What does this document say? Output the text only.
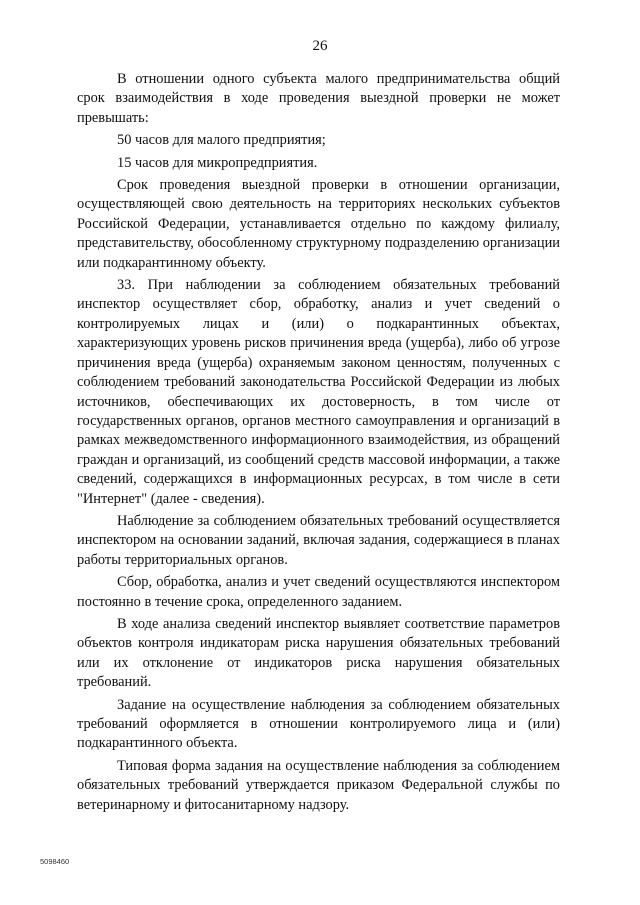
26

В отношении одного субъекта малого предпринимательства общий срок взаимодействия в ходе проведения выездной проверки не может превышать:

50 часов для малого предприятия;

15 часов для микропредприятия.

Срок проведения выездной проверки в отношении организации, осуществляющей свою деятельность на территориях нескольких субъектов Российской Федерации, устанавливается отдельно по каждому филиалу, представительству, обособленному структурному подразделению организации или подкарантинному объекту.

33. При наблюдении за соблюдением обязательных требований инспектор осуществляет сбор, обработку, анализ и учет сведений о контролируемых лицах и (или) о подкарантинных объектах, характеризующих уровень рисков причинения вреда (ущерба), либо об угрозе причинения вреда (ущерба) охраняемым законом ценностям, полученных с соблюдением требований законодательства Российской Федерации из любых источников, обеспечивающих их достоверность, в том числе от государственных органов, органов местного самоуправления и организаций в рамках межведомственного информационного взаимодействия, из обращений граждан и организаций, из сообщений средств массовой информации, а также сведений, содержащихся в информационных ресурсах, в том числе в сети "Интернет" (далее - сведения).

Наблюдение за соблюдением обязательных требований осуществляется инспектором на основании заданий, включая задания, содержащиеся в планах работы территориальных органов.

Сбор, обработка, анализ и учет сведений осуществляются инспектором постоянно в течение срока, определенного заданием.

В ходе анализа сведений инспектор выявляет соответствие параметров объектов контроля индикаторам риска нарушения обязательных требований или их отклонение от индикаторов риска нарушения обязательных требований.

Задание на осуществление наблюдения за соблюдением обязательных требований оформляется в отношении контролируемого лица и (или) подкарантинного объекта.

Типовая форма задания на осуществление наблюдения за соблюдением обязательных требований утверждается приказом Федеральной службы по ветеринарному и фитосанитарному надзору.

5098460
